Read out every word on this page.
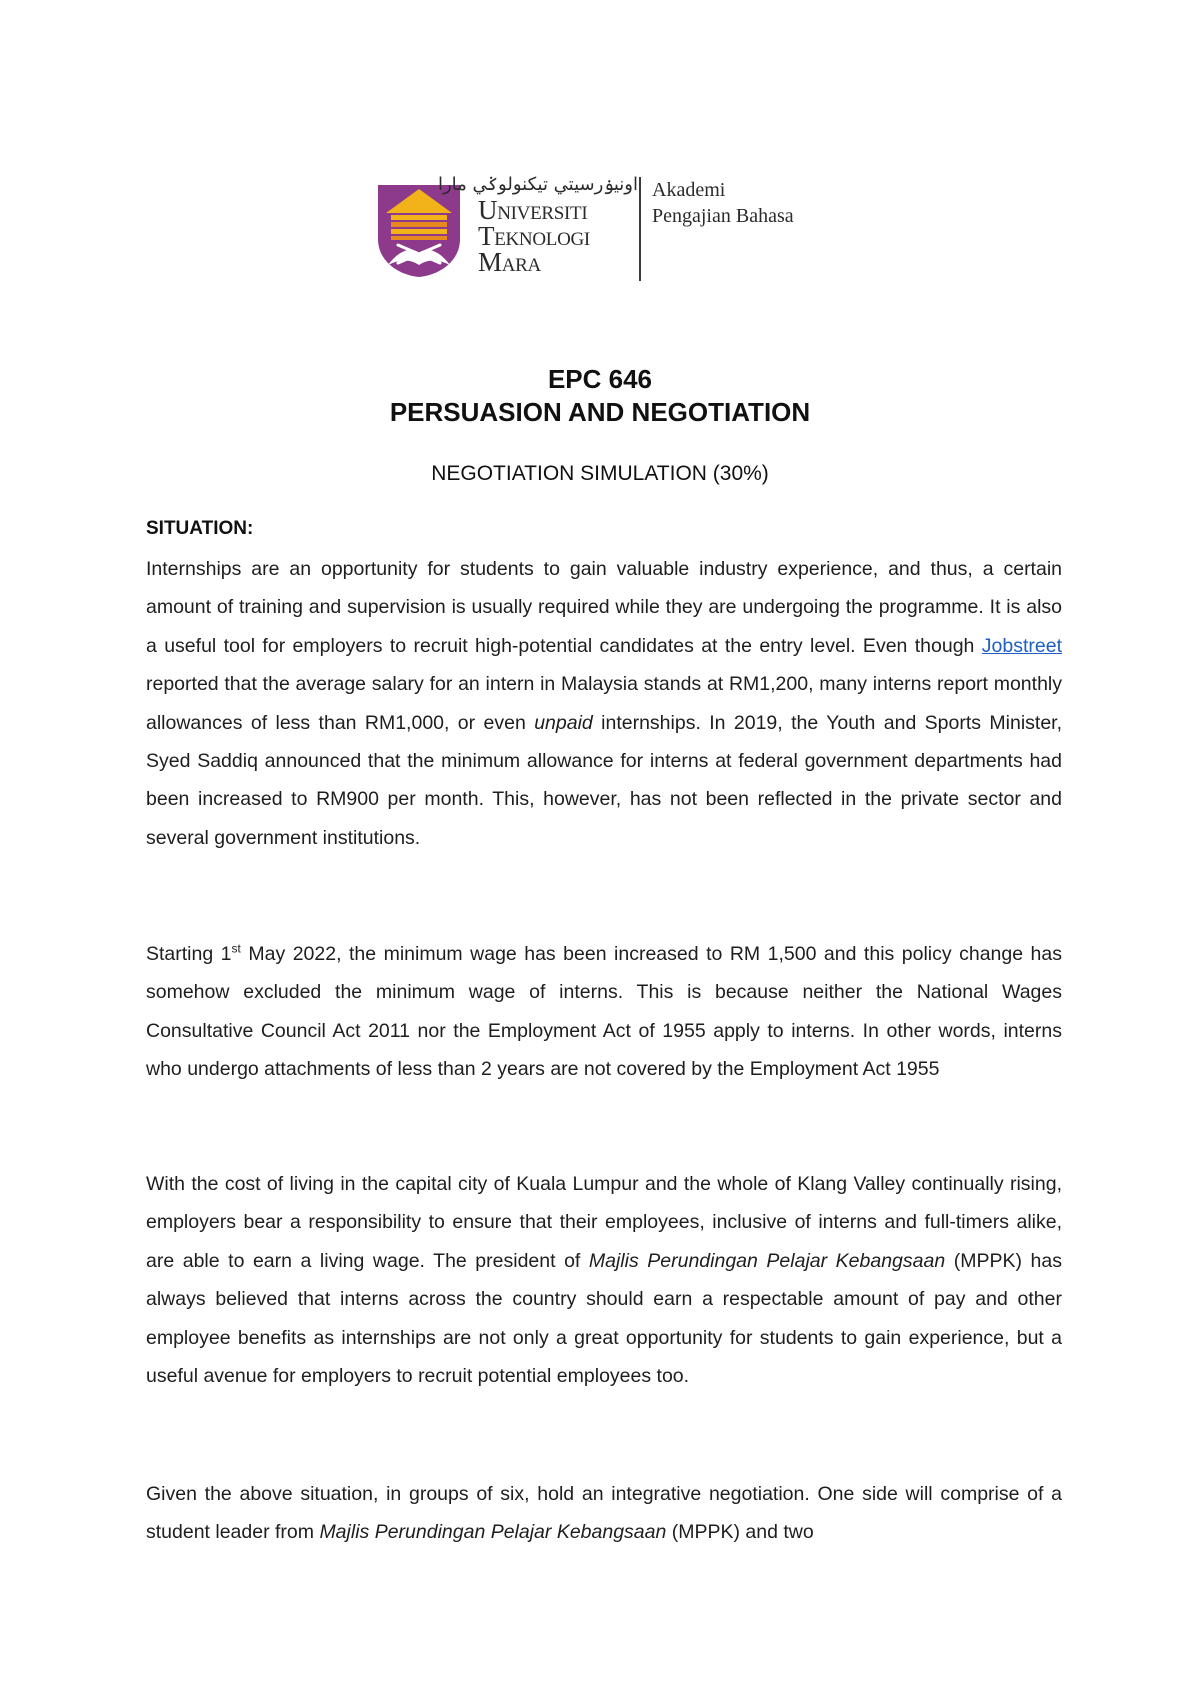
اونيۏرسيتي تيکنولوݢي مارا
Universiti
Teknologi
Mara
Akademi
Pengajian Bahasa
EPC 646
PERSUASION AND NEGOTIATION
NEGOTIATION SIMULATION (30%)
SITUATION:

Internships are an opportunity for students to gain valuable industry experience, and thus, a certain amount of training and supervision is usually required while they are undergoing the programme. It is also a useful tool for employers to recruit high-potential candidates at the entry level. Even though Jobstreet reported that the average salary for an intern in Malaysia stands at RM1,200, many interns report monthly allowances of less than RM1,000, or even unpaid internships. In 2019, the Youth and Sports Minister, Syed Saddiq announced that the minimum allowance for interns at federal government departments had been increased to RM900 per month. This, however, has not been reflected in the private sector and several government institutions.

Starting 1st May 2022, the minimum wage has been increased to RM 1,500 and this policy change has somehow excluded the minimum wage of interns. This is because neither the National Wages Consultative Council Act 2011 nor the Employment Act of 1955 apply to interns. In other words, interns who undergo attachments of less than 2 years are not covered by the Employment Act 1955

With the cost of living in the capital city of Kuala Lumpur and the whole of Klang Valley continually rising, employers bear a responsibility to ensure that their employees, inclusive of interns and full-timers alike, are able to earn a living wage. The president of Majlis Perundingan Pelajar Kebangsaan (MPPK) has always believed that interns across the country should earn a respectable amount of pay and other employee benefits as internships are not only a great opportunity for students to gain experience, but a useful avenue for employers to recruit potential employees too.

Given the above situation, in groups of six, hold an integrative negotiation. One side will comprise of a student leader from Majlis Perundingan Pelajar Kebangsaan (MPPK) and two
